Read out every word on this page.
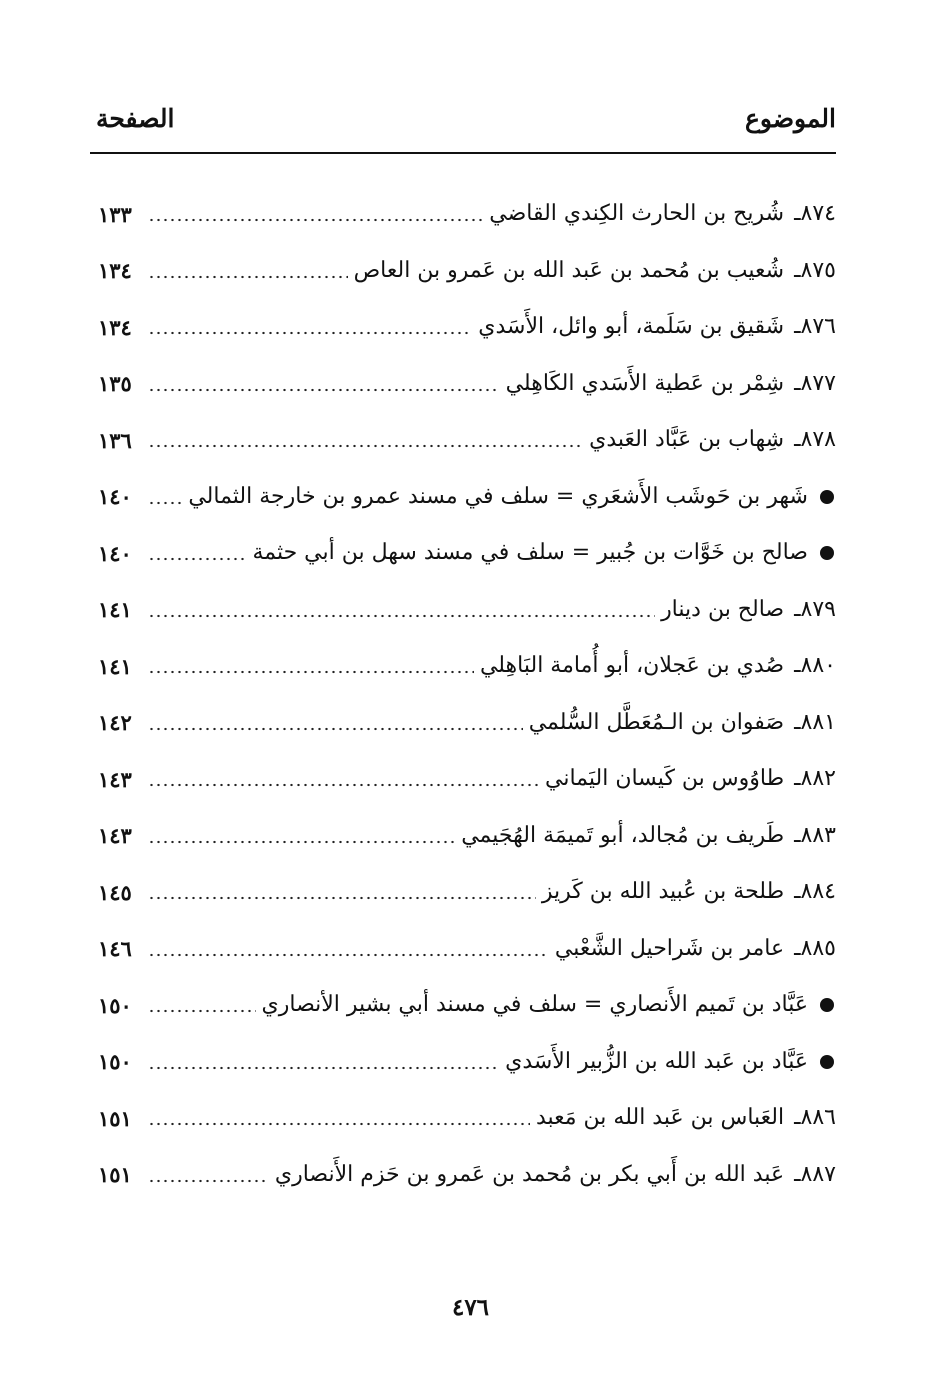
الموضوع
الصفحة
٨٧٤ـ
شُريح بن الحارث الكِندي القاضي
١٣٣
٨٧٥ـ
شُعيب بن مُحمد بن عَبد الله بن عَمرو بن العاص
١٣٤
٨٧٦ـ
شَقيق بن سَلَمة، أبو وائل، الأَسَدي
١٣٤
٨٧٧ـ
شِمْر بن عَطية الأَسَدي الكَاهِلي
١٣٥
٨٧٨ـ
شِهاب بن عَبَّاد العَبدي
١٣٦
شَهر بن حَوشَب الأَشعَري = سلف في مسند عمرو بن خارجة الثمالي
١٤٠
صالح بن خَوَّات بن جُبير = سلف في مسند سهل بن أبي حثمة
١٤٠
٨٧٩ـ
صالح بن دينار
١٤١
٨٨٠ـ
صُدي بن عَجلان، أبو أُمامة البَاهِلي
١٤١
٨٨١ـ
صَفوان بن الـمُعَطَّل السُّلمي
١٤٢
٨٨٢ـ
طاوُوس بن كَيسان اليَماني
١٤٣
٨٨٣ـ
طَريف بن مُجالد، أبو تَميمَة الهُجَيمي
١٤٣
٨٨٤ـ
طلحة بن عُبيد الله بن كَريز
١٤٥
٨٨٥ـ
عامر بن شَراحيل الشَّعْبي
١٤٦
عَبَّاد بن تَميم الأَنصاري = سلف في مسند أبي بشير الأنصاري
١٥٠
عَبَّاد بن عَبد الله بن الزُّبير الأَسَدي
١٥٠
٨٨٦ـ
العَباس بن عَبد الله بن مَعبد
١٥١
٨٨٧ـ
عَبد الله بن أَبي بكر بن مُحمد بن عَمرو بن حَزم الأَنصاري
١٥١
٤٧٦
